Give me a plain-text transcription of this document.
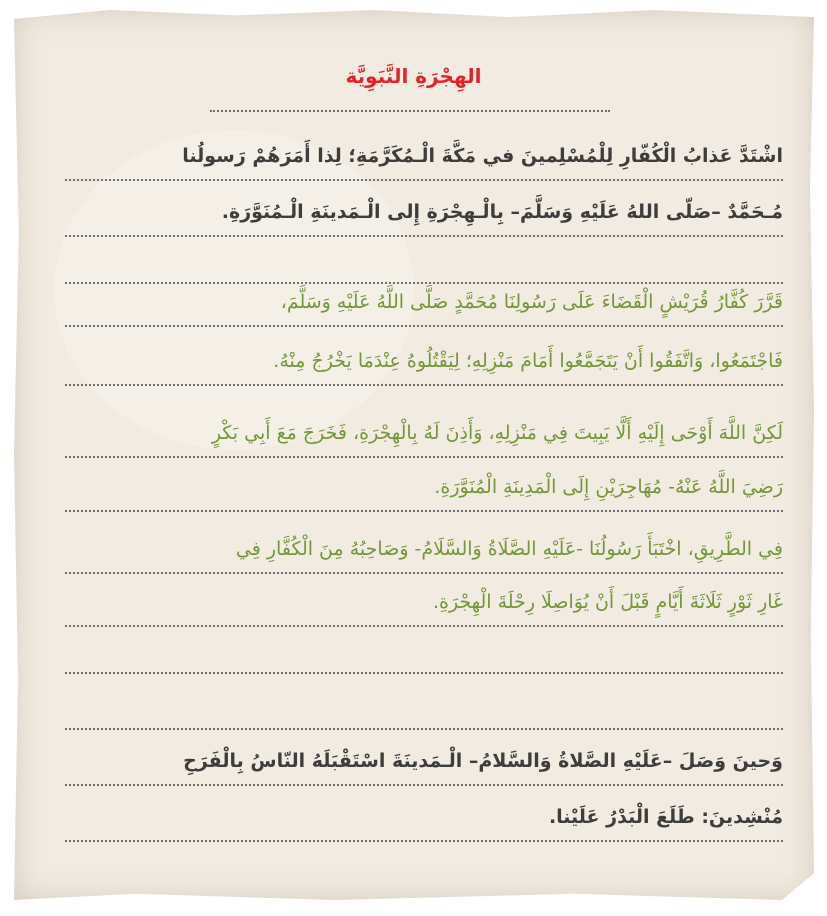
الهِجْرَةِ النَّبَوِيَّة
اشْتَدَّ عَذابُ الْكُفّارِ لِلْمُسْلِمينَ في مَكَّةَ الْـمُكَرَّمَةِ؛ لِذا أَمَرَهُمْ رَسولُنا
مُـحَمَّدٌ –صَلّى اللهُ عَلَيْهِ وَسَلَّمَ– بِالْـهِجْرَةِ إِلى الْـمَدينَةِ الْـمُنَوَّرَةِ.
قَرَّرَ كُفَّارُ قُرَيْشٍ الْقَضَاءَ عَلَى رَسُولِنَا مُحَمَّدٍ صَلَّى اللَّهُ عَلَيْهِ وَسَلَّمَ،
فَاجْتَمَعُوا، وَاتَّفَقُوا أَنْ يَتَجَمَّعُوا أَمَامَ مَنْزِلِهِ؛ لِيَقْتُلُوهُ عِنْدَمَا يَخْرُجُ مِنْهُ.
لَكِنَّ اللَّهَ أَوْحَى إِلَيْهِ أَلَّا يَبِيتَ فِي مَنْزِلِهِ، وَأَذِنَ لَهُ بِالْهِجْرَةِ، فَخَرَجَ مَعَ أَبِي بَكْرٍ
رَضِيَ اللَّهُ عَنْهُ- مُهَاجِرَيْنِ إِلَى الْمَدِينَةِ الْمُنَوَّرَةِ.
فِي الطَّرِيقِ، اخْتَبَأَ رَسُولُنَا -عَلَيْهِ الصَّلَاةُ وَالسَّلَامُ- وَصَاحِبُهُ مِنَ الْكُفَّارِ فِي
غَارِ ثَوْرٍ ثَلَاثَةَ أَيَّامٍ قَبْلَ أَنْ يُوَاصِلَا رِحْلَةَ الْهِجْرَةِ.
وَحينَ وَصَلَ –عَلَيْهِ الصَّلاةُ وَالسَّلامُ– الْـمَدينَةَ اسْتَقْبَلَهُ النّاسُ بِالْفَرَحِ
مُنْشِدينَ: طَلَعَ الْبَدْرُ عَلَيْنا.
